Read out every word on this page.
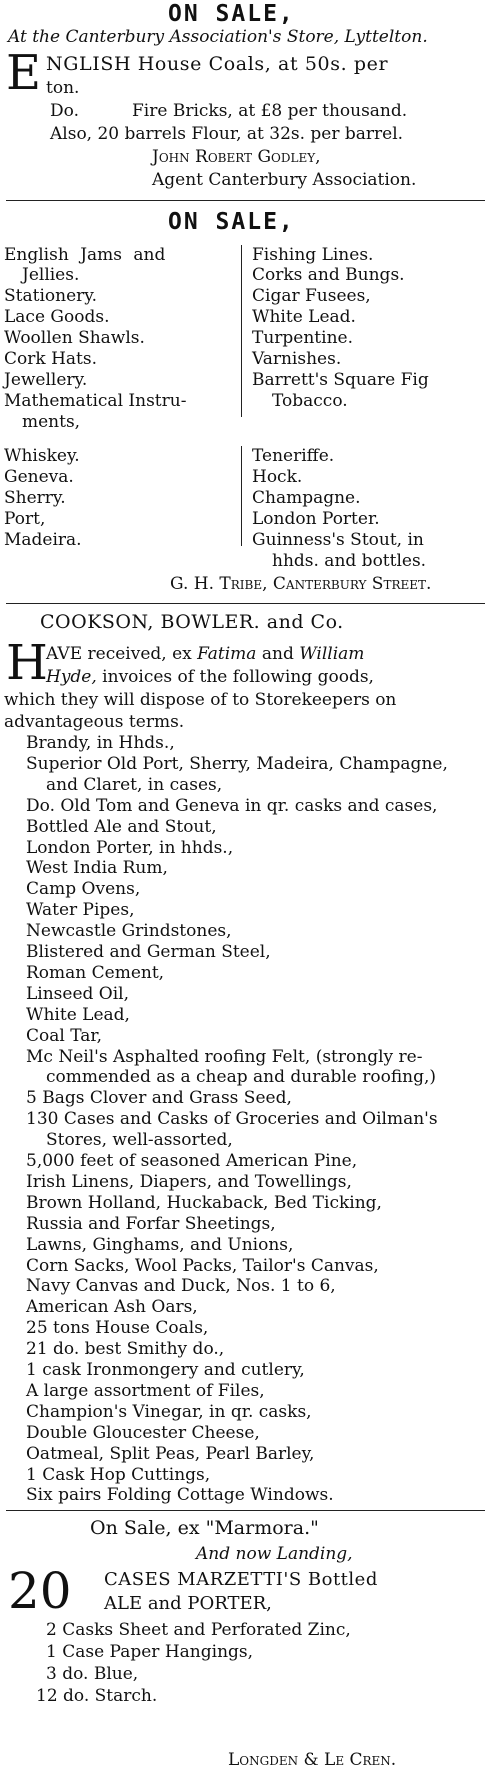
ON SALE,
At the Canterbury Association's Store, Lyttelton.
E NGLISH House Coals, at 50s. per
ton.
Do.	Fire Bricks, at £8 per thousand.
Also, 20 barrels Flour, at 32s. per barrel.
John Robert Godley,
Agent Canterbury Association.
ON SALE,
English Jams and
Jellies.
Stationery.
Lace Goods.
Woollen Shawls.
Cork Hats.
Jewellery.
Mathematical Instru-
ments,
Whiskey.
Geneva.
Sherry.
Port,
Madeira.
Fishing Lines.
Corks and Bungs.
Cigar Fusees,
White Lead.
Turpentine.
Varnishes.
Barrett's Square Fig
Tobacco.
Teneriffe.
Hock.
Champagne.
London Porter.
Guinness's Stout, in
hhds. and bottles.
G. H. Tribe, Canterbury Street.
COOKSON, BOWLER. and Co.
H
AVE received, ex Fatima and William
Hyde, invoices of the following goods,
which they will dispose of to Storekeepers on
advantageous terms.
Brandy, in Hhds.,
Superior Old Port, Sherry, Madeira, Champagne,
and Claret, in cases,
Do. Old Tom and Geneva in qr. casks and cases,
Bottled Ale and Stout,
London Porter, in hhds.,
West India Rum,
Camp Ovens,
Water Pipes,
Newcastle Grindstones,
Blistered and German Steel,
Roman Cement,
Linseed Oil,
White Lead,
Coal Tar,
Mc Neil's Asphalted roofing Felt, (strongly re-
commended as a cheap and durable roofing,)
5 Bags Clover and Grass Seed,
130 Cases and Casks of Groceries and Oilman's
Stores, well-assorted,
5,000 feet of seasoned American Pine,
Irish Linens, Diapers, and Towellings,
Brown Holland, Huckaback, Bed Ticking,
Russia and Forfar Sheetings,
Lawns, Ginghams, and Unions,
Corn Sacks, Wool Packs, Tailor's Canvas,
Navy Canvas and Duck, Nos. 1 to 6,
American Ash Oars,
25 tons House Coals,
21 do. best Smithy do.,
1 cask Ironmongery and cutlery,
A large assortment of Files,
Champion's Vinegar, in qr. casks,
Double Gloucester Cheese,
Oatmeal, Split Peas, Pearl Barley,
1 Cask Hop Cuttings,
Six pairs Folding Cottage Windows.
On Sale, ex "Marmora."
And now Landing,
20 CASES MARZETTI'S Bottled
ALE and PORTER,
2 Casks Sheet and Perforated Zinc,
1 Case Paper Hangings,
3 do. Blue,
12 do. Starch.
Longden & Le Cren.
